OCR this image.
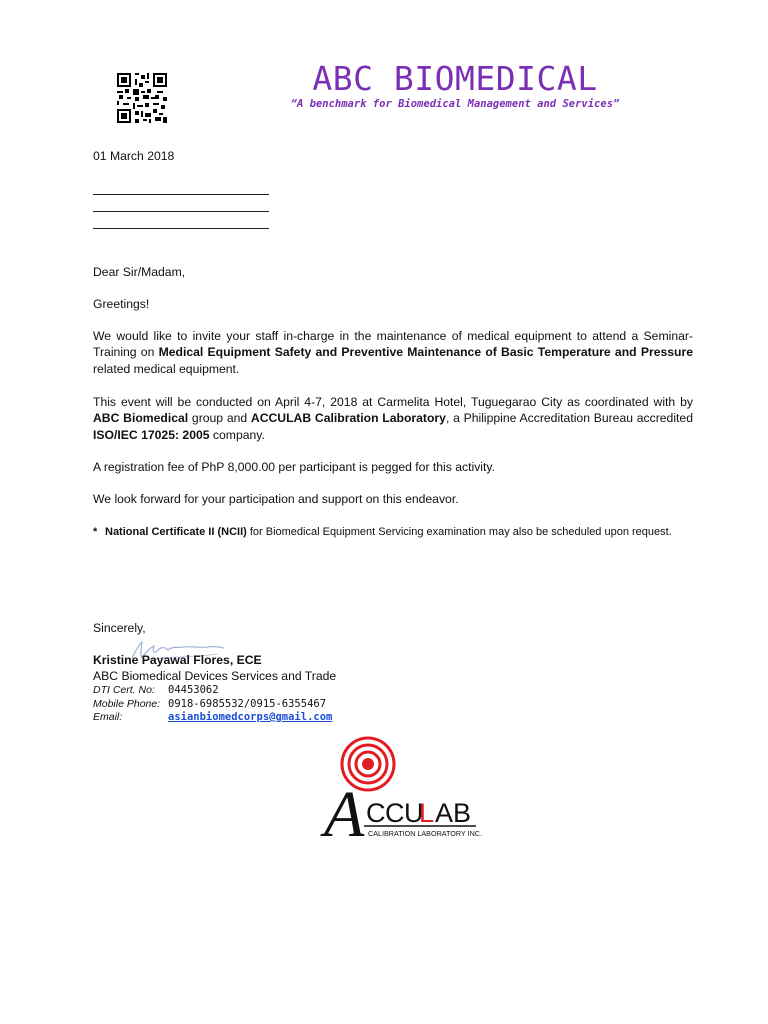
ABC BIOMEDICAL
“A benchmark for Biomedical Management and Services”
01 March 2018
Dear Sir/Madam,
Greetings!
We would like to invite your staff in-charge in the maintenance of medical equipment to attend a Seminar-Training on Medical Equipment Safety and Preventive Maintenance of Basic Temperature and Pressure related medical equipment.
This event will be conducted on April 4-7, 2018 at Carmelita Hotel, Tuguegarao City as coordinated with by ABC Biomedical group and ACCULAB Calibration Laboratory, a Philippine Accreditation Bureau accredited ISO/IEC 17025: 2005 company.
A registration fee of PhP 8,000.00 per participant is pegged for this activity.
We look forward for your participation and support on this endeavor.
* National Certificate II (NCII) for Biomedical Equipment Servicing examination may also be scheduled upon request.
Sincerely,
Kristine Payawal Flores, ECE
ABC Biomedical Devices Services and Trade
DTI Cert. No: 04453062
Mobile Phone: 0918-6985532/0915-6355467
Email:	asianbiomedcorps@gmail.com
A CCU
L AB
CALIBRATION LABORATORY INC.
